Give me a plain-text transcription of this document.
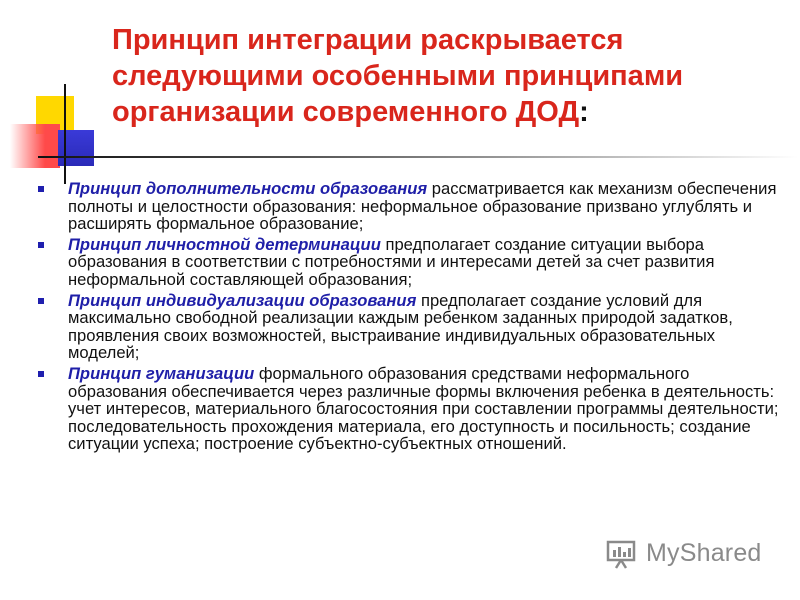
Принцип интеграции раскрывается следующими особенными принципами организации современного ДОД:
Принцип дополнительности образования рассматривается как механизм обеспечения полноты и целостности образования: неформальное образование призвано углублять и расширять формальное образование;
Принцип личностной детерминации предполагает создание ситуации выбора образования в соответствии с потребностями и интересами детей за счет развития неформальной составляющей образования;
Принцип индивидуализации образования предполагает создание условий для максимально свободной реализации каждым ребенком заданных природой задатков, проявления своих возможностей, выстраивание индивидуальных образовательных моделей;
Принцип гуманизации формального образования средствами неформального образования обеспечивается через различные формы включения ребенка в деятельность: учет интересов, материального благосостояния при составлении программы деятельности; последовательность прохождения материала, его доступность и посильность; создание ситуации успеха; построение субъектно-субъектных отношений.
MyShared
